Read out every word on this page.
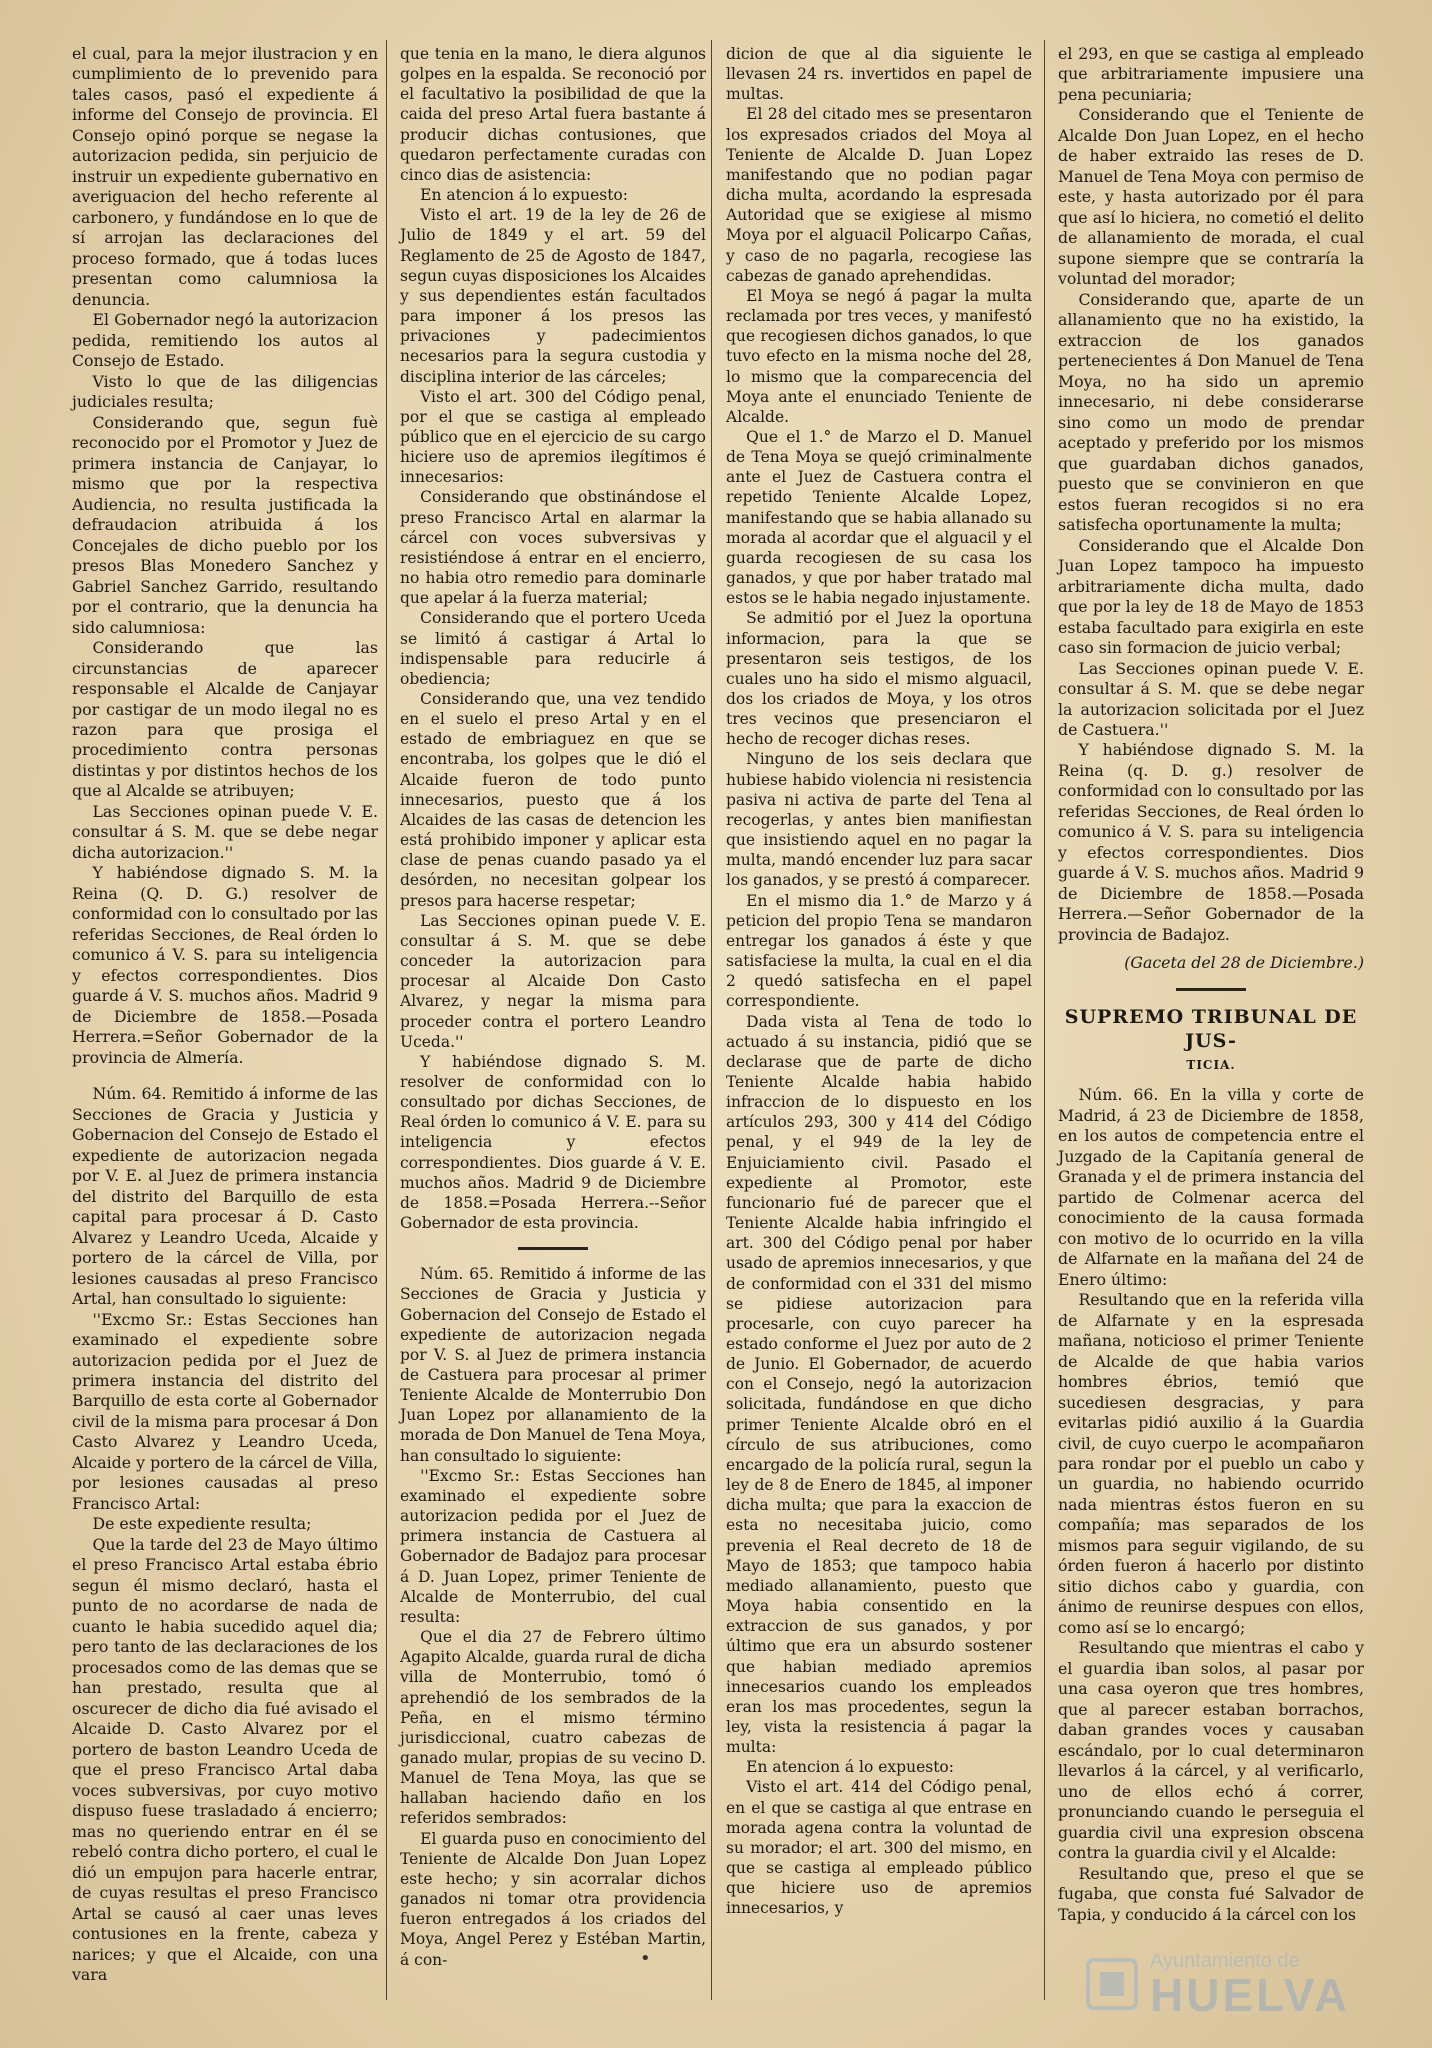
el cual, para la mejor ilustracion y en cumplimiento de lo prevenido para tales casos, pasó el expediente á informe del Consejo de provincia. El Consejo opinó porque se negase la autorizacion pedida, sin perjuicio de instruir un expediente gubernativo en averiguacion del hecho referente al carbonero, y fundándose en lo que de sí arrojan las declaraciones del proceso formado, que á todas luces presentan como calumniosa la denuncia.

El Gobernador negó la autorizacion pedida, remitiendo los autos al Consejo de Estado.

Visto lo que de las diligencias judiciales resulta;

Considerando que, segun fuè reconocido por el Promotor y Juez de primera instancia de Canjayar, lo mismo que por la respectiva Audiencia, no resulta justificada la defraudacion atribuida á los Concejales de dicho pueblo por los presos Blas Monedero Sanchez y Gabriel Sanchez Garrido, resultando por el contrario, que la denuncia ha sido calumniosa:

Considerando que las circunstancias de aparecer responsable el Alcalde de Canjayar por castigar de un modo ilegal no es razon para que prosiga el procedimiento contra personas distintas y por distintos hechos de los que al Alcalde se atribuyen;

Las Secciones opinan puede V. E. consultar á S. M. que se debe negar dicha autorizacion.''

Y habiéndose dignado S. M. la Reina (Q. D. G.) resolver de conformidad con lo consultado por las referidas Secciones, de Real órden lo comunico á V. S. para su inteligencia y efectos correspondientes. Dios guarde á V. S. muchos años. Madrid 9 de Diciembre de 1858.—Posada Herrera.=Señor Gobernador de la provincia de Almería.

Núm. 64. Remitido á informe de las Secciones de Gracia y Justicia y Gobernacion del Consejo de Estado el expediente de autorizacion negada por V. E. al Juez de primera instancia del distrito del Barquillo de esta capital para procesar á D. Casto Alvarez y Leandro Uceda, Alcaide y portero de la cárcel de Villa, por lesiones causadas al preso Francisco Artal, han consultado lo siguiente:

''Excmo Sr.: Estas Secciones han examinado el expediente sobre autorizacion pedida por el Juez de primera instancia del distrito del Barquillo de esta corte al Gobernador civil de la misma para procesar á Don Casto Alvarez y Leandro Uceda, Alcaide y portero de la cárcel de Villa, por lesiones causadas al preso Francisco Artal:

De este expediente resulta;

Que la tarde del 23 de Mayo último el preso Francisco Artal estaba ébrio segun él mismo declaró, hasta el punto de no acordarse de nada de cuanto le habia sucedido aquel dia; pero tanto de las declaraciones de los procesados como de las demas que se han prestado, resulta que al oscurecer de dicho dia fué avisado el Alcaide D. Casto Alvarez por el portero de baston Leandro Uceda de que el preso Francisco Artal daba voces subversivas, por cuyo motivo dispuso fuese trasladado á encierro; mas no queriendo entrar en él se rebeló contra dicho portero, el cual le dió un empujon para hacerle entrar, de cuyas resultas el preso Francisco Artal se causó al caer unas leves contusiones en la frente, cabeza y narices; y que el Alcaide, con una vara

que tenia en la mano, le diera algunos golpes en la espalda. Se reconoció por el facultativo la posibilidad de que la caida del preso Artal fuera bastante á producir dichas contusiones, que quedaron perfectamente curadas con cinco dias de asistencia:

En atencion á lo expuesto:

Visto el art. 19 de la ley de 26 de Julio de 1849 y el art. 59 del Reglamento de 25 de Agosto de 1847, segun cuyas disposiciones los Alcaides y sus dependientes están facultados para imponer á los presos las privaciones y padecimientos necesarios para la segura custodia y disciplina interior de las cárceles;

Visto el art. 300 del Código penal, por el que se castiga al empleado público que en el ejercicio de su cargo hiciere uso de apremios ilegítimos é innecesarios:

Considerando que obstinándose el preso Francisco Artal en alarmar la cárcel con voces subversivas y resistiéndose á entrar en el encierro, no habia otro remedio para dominarle que apelar á la fuerza material;

Considerando que el portero Uceda se limitó á castigar á Artal lo indispensable para reducirle á obediencia;

Considerando que, una vez tendido en el suelo el preso Artal y en el estado de embriaguez en que se encontraba, los golpes que le dió el Alcaide fueron de todo punto innecesarios, puesto que á los Alcaides de las casas de detencion les está prohibido imponer y aplicar esta clase de penas cuando pasado ya el desórden, no necesitan golpear los presos para hacerse respetar;

Las Secciones opinan puede V. E. consultar á S. M. que se debe conceder la autorizacion para procesar al Alcaide Don Casto Alvarez, y negar la misma para proceder contra el portero Leandro Uceda.''

Y habiéndose dignado S. M. resolver de conformidad con lo consultado por dichas Secciones, de Real órden lo comunico á V. E. para su inteligencia y efectos correspondientes. Dios guarde á V. E. muchos años. Madrid 9 de Diciembre de 1858.=Posada Herrera.--Señor Gobernador de esta provincia.

Núm. 65. Remitido á informe de las Secciones de Gracia y Justicia y Gobernacion del Consejo de Estado el expediente de autorizacion negada por V. S. al Juez de primera instancia de Castuera para procesar al primer Teniente Alcalde de Monterrubio Don Juan Lopez por allanamiento de la morada de Don Manuel de Tena Moya, han consultado lo siguiente:

''Excmo Sr.: Estas Secciones han examinado el expediente sobre autorizacion pedida por el Juez de primera instancia de Castuera al Gobernador de Badajoz para procesar á D. Juan Lopez, primer Teniente de Alcalde de Monterrubio, del cual resulta:

Que el dia 27 de Febrero último Agapito Alcalde, guarda rural de dicha villa de Monterrubio, tomó ó aprehendió de los sembrados de la Peña, en el mismo término jurisdiccional, cuatro cabezas de ganado mular, propias de su vecino D. Manuel de Tena Moya, las que se hallaban haciendo daño en los referidos sembrados:

El guarda puso en conocimiento del Teniente de Alcalde Don Juan Lopez este hecho; y sin acorralar dichos ganados ni tomar otra providencia fueron entregados á los criados del Moya, Angel Perez y Estéban Martin, á con-

dicion de que al dia siguiente le llevasen 24 rs. invertidos en papel de multas.

El 28 del citado mes se presentaron los expresados criados del Moya al Teniente de Alcalde D. Juan Lopez manifestando que no podian pagar dicha multa, acordando la espresada Autoridad que se exigiese al mismo Moya por el alguacil Policarpo Cañas, y caso de no pagarla, recogiese las cabezas de ganado aprehendidas.

El Moya se negó á pagar la multa reclamada por tres veces, y manifestó que recogiesen dichos ganados, lo que tuvo efecto en la misma noche del 28, lo mismo que la comparecencia del Moya ante el enunciado Teniente de Alcalde.

Que el 1.° de Marzo el D. Manuel de Tena Moya se quejó criminalmente ante el Juez de Castuera contra el repetido Teniente Alcalde Lopez, manifestando que se habia allanado su morada al acordar que el alguacil y el guarda recogiesen de su casa los ganados, y que por haber tratado mal estos se le habia negado injustamente.

Se admitió por el Juez la oportuna informacion, para la que se presentaron seis testigos, de los cuales uno ha sido el mismo alguacil, dos los criados de Moya, y los otros tres vecinos que presenciaron el hecho de recoger dichas reses.

Ninguno de los seis declara que hubiese habido violencia ni resistencia pasiva ni activa de parte del Tena al recogerlas, y antes bien manifiestan que insistiendo aquel en no pagar la multa, mandó encender luz para sacar los ganados, y se prestó á comparecer.

En el mismo dia 1.° de Marzo y á peticion del propio Tena se mandaron entregar los ganados á éste y que satisfaciese la multa, la cual en el dia 2 quedó satisfecha en el papel correspondiente.

Dada vista al Tena de todo lo actuado á su instancia, pidió que se declarase que de parte de dicho Teniente Alcalde habia habido infraccion de lo dispuesto en los artículos 293, 300 y 414 del Código penal, y el 949 de la ley de Enjuiciamiento civil. Pasado el expediente al Promotor, este funcionario fué de parecer que el Teniente Alcalde habia infringido el art. 300 del Código penal por haber usado de apremios innecesarios, y que de conformidad con el 331 del mismo se pidiese autorizacion para procesarle, con cuyo parecer ha estado conforme el Juez por auto de 2 de Junio. El Gobernador, de acuerdo con el Consejo, negó la autorizacion solicitada, fundándose en que dicho primer Teniente Alcalde obró en el círculo de sus atribuciones, como encargado de la policía rural, segun la ley de 8 de Enero de 1845, al imponer dicha multa; que para la exaccion de esta no necesitaba juicio, como prevenia el Real decreto de 18 de Mayo de 1853; que tampoco habia mediado allanamiento, puesto que Moya habia consentido en la extraccion de sus ganados, y por último que era un absurdo sostener que habian mediado apremios innecesarios cuando los empleados eran los mas procedentes, segun la ley, vista la resistencia á pagar la multa:

En atencion á lo expuesto:

Visto el art. 414 del Código penal, en el que se castiga al que entrase en morada agena contra la voluntad de su morador; el art. 300 del mismo, en que se castiga al empleado público que hiciere uso de apremios innecesarios, y

el 293, en que se castiga al empleado que arbitrariamente impusiere una pena pecuniaria;

Considerando que el Teniente de Alcalde Don Juan Lopez, en el hecho de haber extraido las reses de D. Manuel de Tena Moya con permiso de este, y hasta autorizado por él para que así lo hiciera, no cometió el delito de allanamiento de morada, el cual supone siempre que se contraría la voluntad del morador;

Considerando que, aparte de un allanamiento que no ha existido, la extraccion de los ganados pertenecientes á Don Manuel de Tena Moya, no ha sido un apremio innecesario, ni debe considerarse sino como un modo de prendar aceptado y preferido por los mismos que guardaban dichos ganados, puesto que se convinieron en que estos fueran recogidos si no era satisfecha oportunamente la multa;

Considerando que el Alcalde Don Juan Lopez tampoco ha impuesto arbitrariamente dicha multa, dado que por la ley de 18 de Mayo de 1853 estaba facultado para exigirla en este caso sin formacion de juicio verbal;

Las Secciones opinan puede V. E. consultar á S. M. que se debe negar la autorizacion solicitada por el Juez de Castuera.''

Y habiéndose dignado S. M. la Reina (q. D. g.) resolver de conformidad con lo consultado por las referidas Secciones, de Real órden lo comunico á V. S. para su inteligencia y efectos correspondientes. Dios guarde á V. S. muchos años. Madrid 9 de Diciembre de 1858.—Posada Herrera.—Señor Gobernador de la provincia de Badajoz.

(Gaceta del 28 de Diciembre.)

SUPREMO TRIBUNAL DE JUS-
TICIA.

Núm. 66. En la villa y corte de Madrid, á 23 de Diciembre de 1858, en los autos de competencia entre el Juzgado de la Capitanía general de Granada y el de primera instancia del partido de Colmenar acerca del conocimiento de la causa formada con motivo de lo ocurrido en la villa de Alfarnate en la mañana del 24 de Enero último:

Resultando que en la referida villa de Alfarnate y en la espresada mañana, noticioso el primer Teniente de Alcalde de que habia varios hombres ébrios, temió que sucediesen desgracias, y para evitarlas pidió auxilio á la Guardia civil, de cuyo cuerpo le acompañaron para rondar por el pueblo un cabo y un guardia, no habiendo ocurrido nada mientras éstos fueron en su compañía; mas separados de los mismos para seguir vigilando, de su órden fueron á hacerlo por distinto sitio dichos cabo y guardia, con ánimo de reunirse despues con ellos, como así se lo encargó;

Resultando que mientras el cabo y el guardia iban solos, al pasar por una casa oyeron que tres hombres, que al parecer estaban borrachos, daban grandes voces y causaban escándalo, por lo cual determinaron llevarlos á la cárcel, y al verificarlo, uno de ellos echó á correr, pronunciando cuando le perseguia el guardia civil una expresion obscena contra la guardia civil y el Alcalde:

Resultando que, preso el que se fugaba, que consta fué Salvador de Tapia, y conducido á la cárcel con los

•	Ayuntamiento de
HUELVA
